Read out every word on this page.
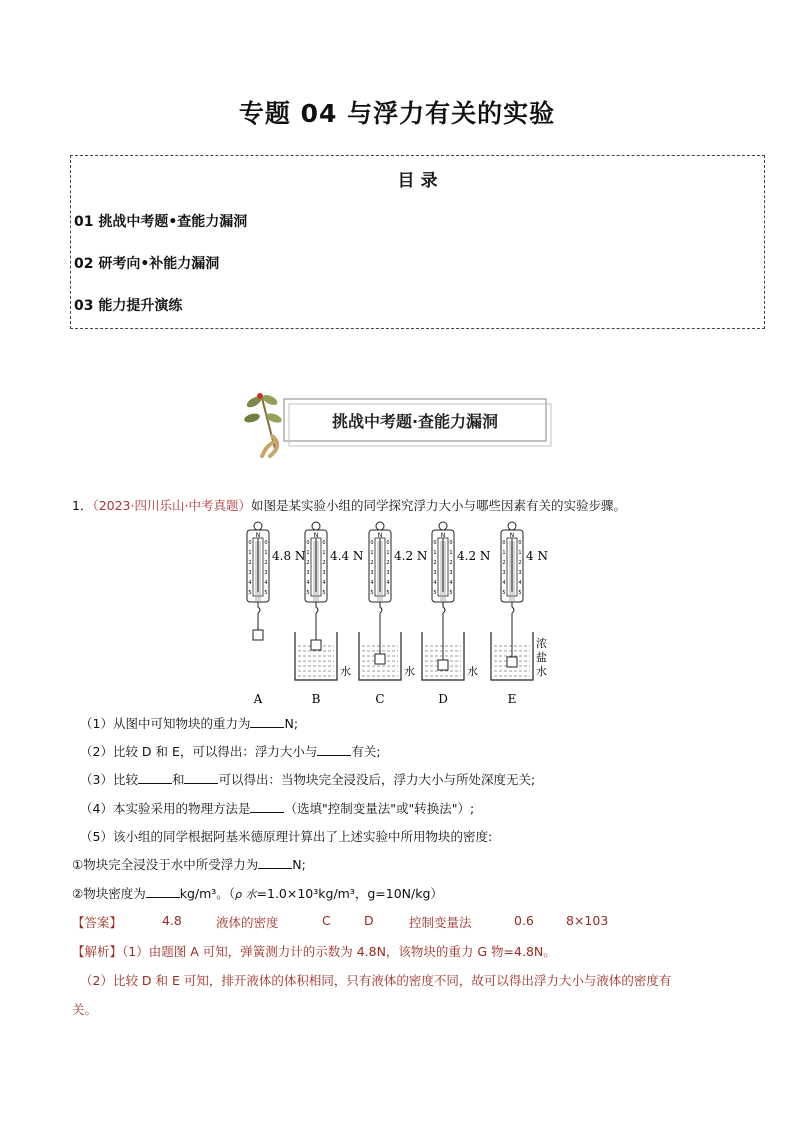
专题 04 与浮力有关的实验
目 录
01 挑战中考题•查能力漏洞
02 研考向•补能力漏洞
03 能力提升演练
挑战中考题·查能力漏洞
1．（2023·四川乐山·中考真题）如图是某实验小组的同学探究浮力大小与哪些因素有关的实验步骤。
N
0	0
1	1
2	2
3	3
4	4
5	5
4.8 N
A
N
0	0
1	1
2	2
3	3
4	4
5	5
4.4 N
B
水
N
0	0
1	1
2	2
3	3
4	4
5	5
4.2 N
C
水
N
0	0
1	1
2	2
3	3
4	4
5	5
4.2 N
D
水
N
0	0
1	1
2	2
3	3
4	4
5	5
4 N
E
浓
盐
水
（1）从图中可知物块的重力为	N;
（2）比较 D 和 E，可以得出：浮力大小与	有关;
（3）比较	和	可以得出：当物块完全浸没后，浮力大小与所处深度无关;
（4）本实验采用的物理方法是	（选填"控制变量法"或"转换法"）;
（5）该小组的同学根据阿基米德原理计算出了上述实验中所用物块的密度:
①物块完全浸没于水中所受浮力为	N;
②物块密度为	kg/m³。（ρ 水=1.0×10³kg/m³，g=10N/kg）
【答案】	4.8	液体的密度	C	D	控制变量法	0.6	8×103
【解析】（1）由题图 A 可知，弹簧测力计的示数为 4.8N，该物块的重力 G 物=4.8N。
（2）比较 D 和 E 可知，排开液体的体积相同，只有液体的密度不同，故可以得出浮力大小与液体的密度有
关。
